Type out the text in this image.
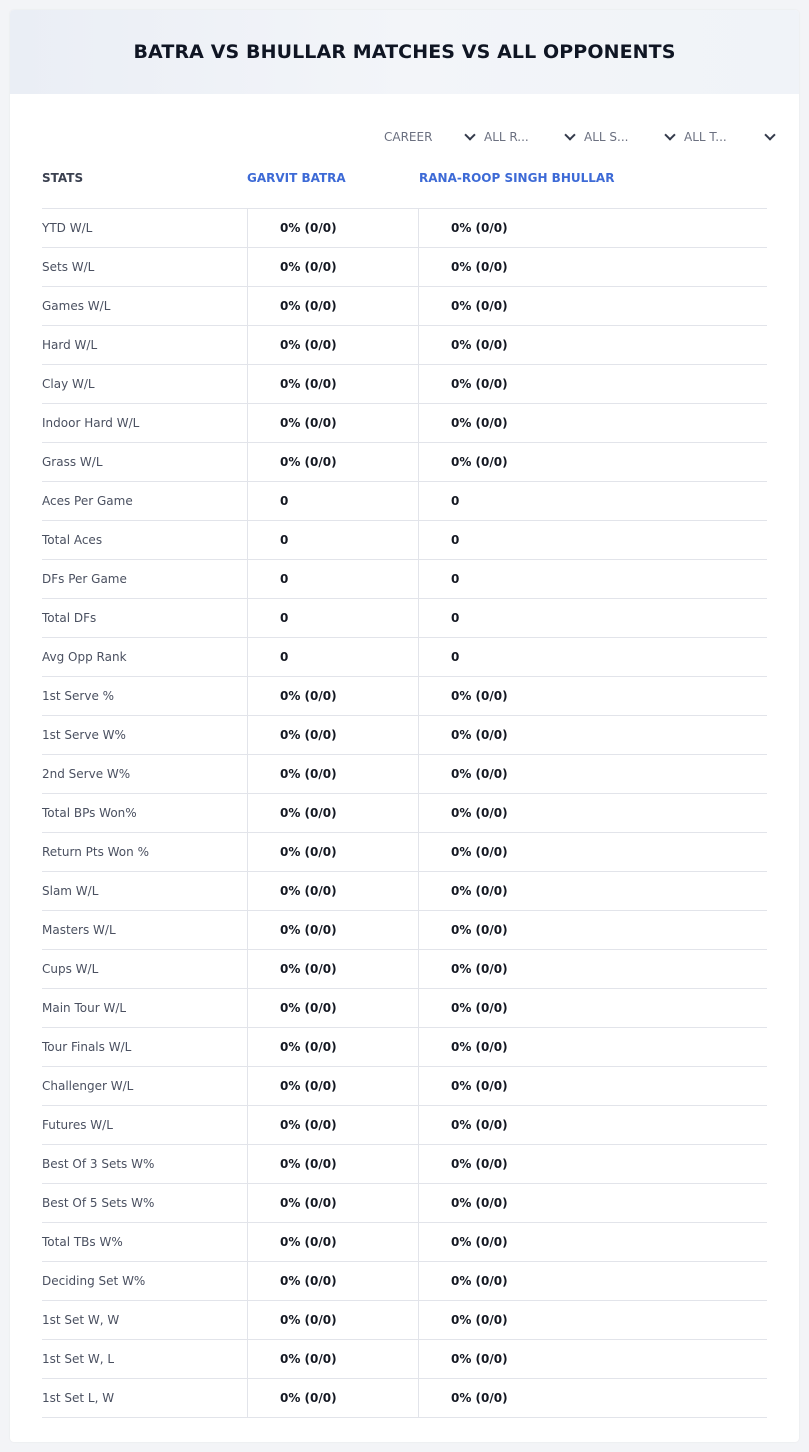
BATRA VS BHULLAR MATCHES VS ALL OPPONENTS
CAREER	ALL R...	ALL S...	ALL T...
STATS	GARVIT BATRA	RANA-ROOP SINGH BHULLAR
YTD W/L	0% (0/0)	0% (0/0)
Sets W/L	0% (0/0)	0% (0/0)
Games W/L	0% (0/0)	0% (0/0)
Hard W/L	0% (0/0)	0% (0/0)
Clay W/L	0% (0/0)	0% (0/0)
Indoor Hard W/L	0% (0/0)	0% (0/0)
Grass W/L	0% (0/0)	0% (0/0)
Aces Per Game	0	0
Total Aces	0	0
DFs Per Game	0	0
Total DFs	0	0
Avg Opp Rank	0	0
1st Serve %	0% (0/0)	0% (0/0)
1st Serve W%	0% (0/0)	0% (0/0)
2nd Serve W%	0% (0/0)	0% (0/0)
Total BPs Won%	0% (0/0)	0% (0/0)
Return Pts Won %	0% (0/0)	0% (0/0)
Slam W/L	0% (0/0)	0% (0/0)
Masters W/L	0% (0/0)	0% (0/0)
Cups W/L	0% (0/0)	0% (0/0)
Main Tour W/L	0% (0/0)	0% (0/0)
Tour Finals W/L	0% (0/0)	0% (0/0)
Challenger W/L	0% (0/0)	0% (0/0)
Futures W/L	0% (0/0)	0% (0/0)
Best Of 3 Sets W%	0% (0/0)	0% (0/0)
Best Of 5 Sets W%	0% (0/0)	0% (0/0)
Total TBs W%	0% (0/0)	0% (0/0)
Deciding Set W%	0% (0/0)	0% (0/0)
1st Set W, W	0% (0/0)	0% (0/0)
1st Set W, L	0% (0/0)	0% (0/0)
1st Set L, W	0% (0/0)	0% (0/0)
